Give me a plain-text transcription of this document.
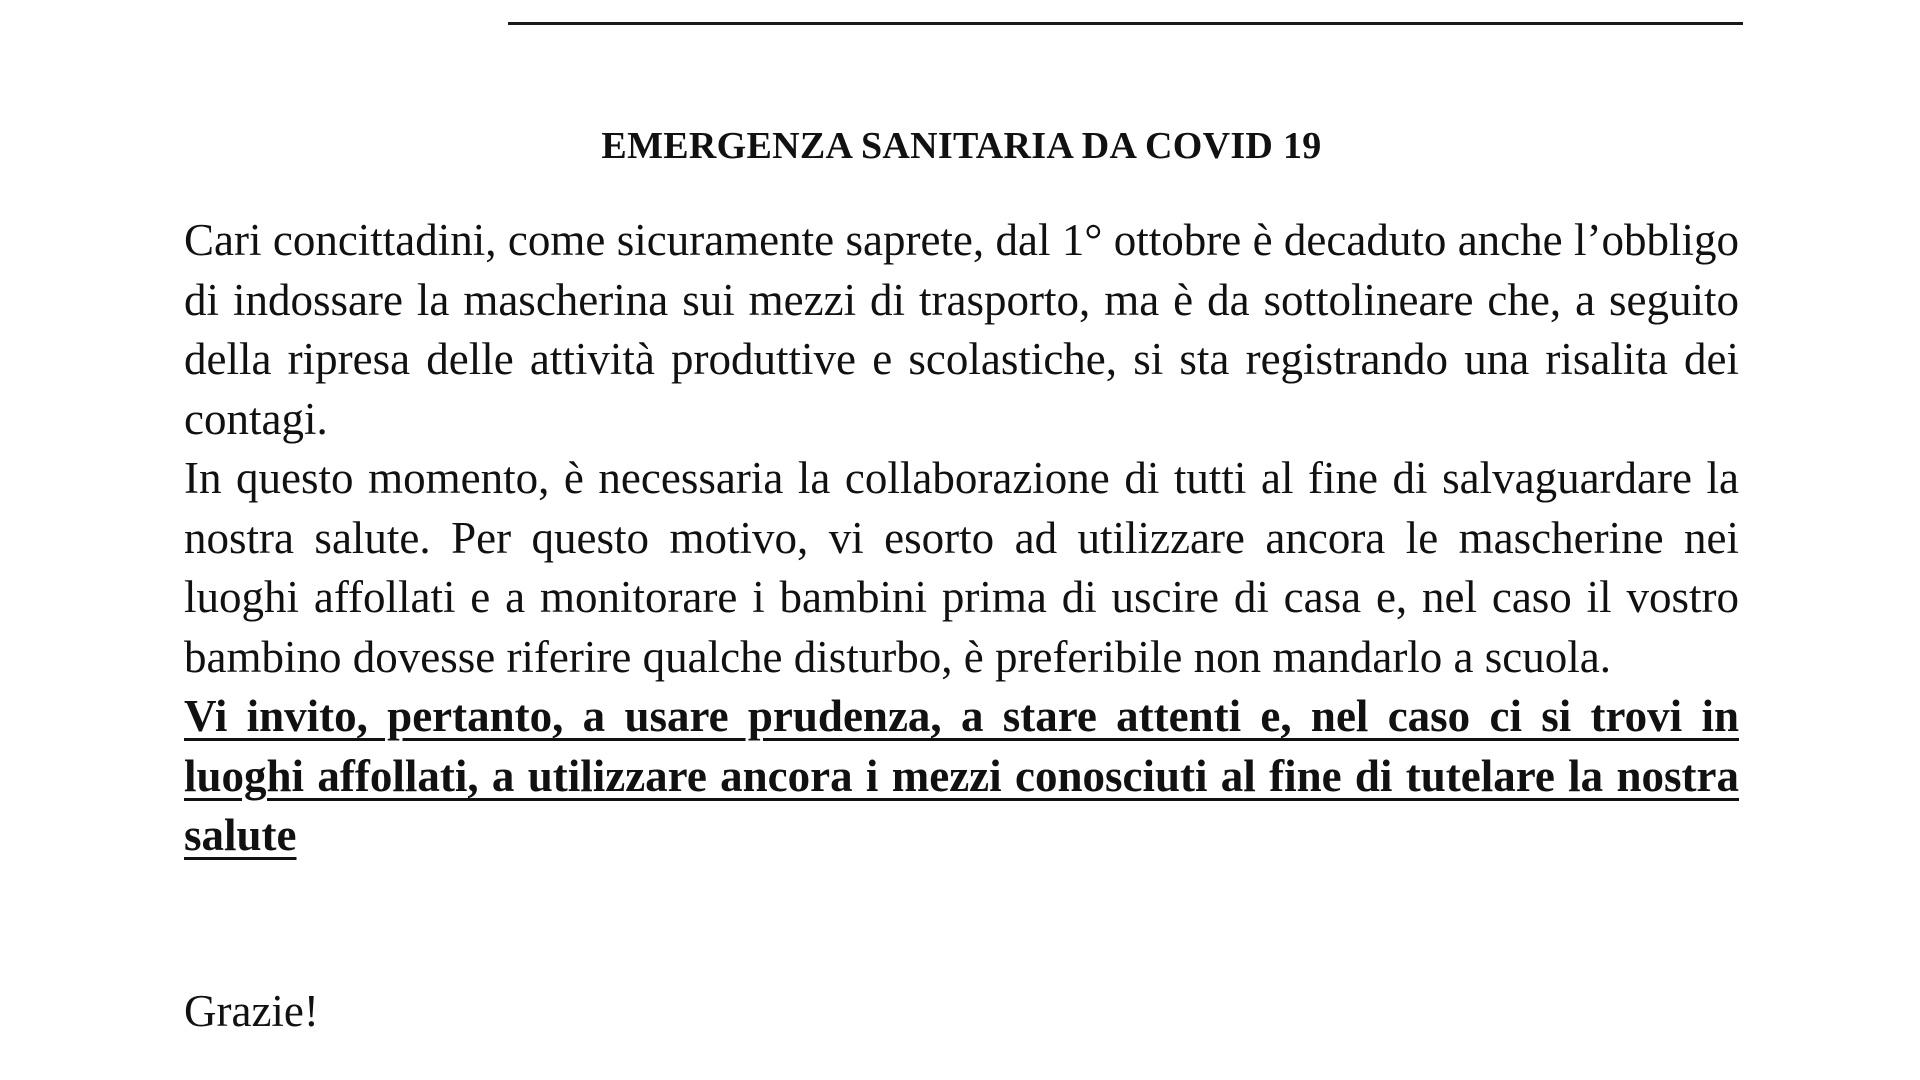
EMERGENZA SANITARIA DA COVID 19

Cari concittadini, come sicuramente saprete, dal 1° ottobre è decaduto anche l’obbligo di indossare la mascherina sui mezzi di trasporto, ma è da sottolineare che, a seguito della ripresa delle attività produttive e scolastiche, si sta registrando una risalita dei contagi.

In questo momento, è necessaria la collaborazione di tutti al fine di salvaguardare la nostra salute. Per questo motivo, vi esorto ad utilizzare ancora le mascherine nei luoghi affollati e a monitorare i bambini prima di uscire di casa e, nel caso il vostro bambino dovesse riferire qualche disturbo, è preferibile non mandarlo a scuola.

Vi invito, pertanto, a usare prudenza, a stare attenti e, nel caso ci si trovi in luoghi affollati, a utilizzare ancora i mezzi conosciuti al fine di tutelare la nostra salute

Grazie!
